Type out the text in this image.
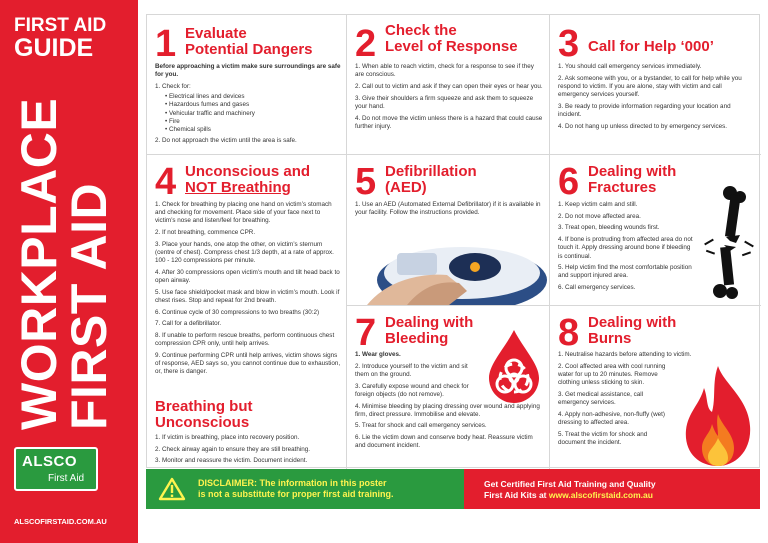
FIRST AID
GUIDE
WORKPLACE
FIRST AID
ALSCO
First Aid
ALSCOFIRSTAID.COM.AU
1 Evaluate
Potential Dangers

Before approaching a victim make sure surroundings are safe for you.

1. Check for:

• Electrical lines and devices
• Hazardous fumes and gases
• Vehicular traffic and machinery
• Fire
• Chemical spills

2. Do not approach the victim until the area is safe.

2 Check the
Level of Response

1. When able to reach victim, check for a response to see if they are conscious.

2. Call out to victim and ask if they can open their eyes or hear you.

3. Give their shoulders a firm squeeze and ask them to squeeze your hand.

4. Do not move the victim unless there is a hazard that could cause further injury.

3 Call for Help ‘000’

1. You should call emergency services immediately.

2. Ask someone with you, or a bystander, to call for help while you respond to victim. If you are alone, stay with victim and call emergency services yourself.

3. Be ready to provide information regarding your location and incident.

4. Do not hang up unless directed to by emergency services.

4 Unconscious and
NOT Breathing

1. Check for breathing by placing one hand on victim’s stomach and checking for movement. Place side of your face next to victim’s nose and listen/feel for breathing.

2. If not breathing, commence CPR.

3. Place your hands, one atop the other, on victim’s sternum (centre of chest). Compress chest 1/3 depth, at a rate of approx. 100 - 120 compressions per minute.

4. After 30 compressions open victim’s mouth and tilt head back to open airway.

5. Use face shield/pocket mask and blow in victim’s mouth. Look if chest rises. Stop and repeat for 2nd breath.

6. Continue cycle of 30 compressions to two breaths (30:2)

7. Call for a defibrillator.

8. If unable to perform rescue breaths, perform continuous chest compression CPR only, until help arrives.

9. Continue performing CPR until help arrives, victim shows signs of response, AED says so, you cannot continue due to exhaustion, or, there is danger.

Breathing but
Unconscious

1. If victim is breathing, place into recovery position.

2. Check airway again to ensure they are still breathing.

3. Monitor and reassure the victim. Document incident.

5 Defibrillation
(AED)

1. Use an AED (Automated External Defibrillator) if it is available in your facility. Follow the instructions provided.

6 Dealing with
Fractures

1. Keep victim calm and still.

2. Do not move affected area.

3. Treat open, bleeding wounds first.

4. If bone is protruding from affected area do not touch it. Apply dressing around bone if bleeding is continual.

5. Help victim find the most comfortable position and support injured area.

6. Call emergency services.

7 Dealing with
Bleeding

1. Wear gloves.

2. Introduce yourself to the victim and sit them on the ground.

3. Carefully expose wound and check for foreign objects (do not remove).

4. Minimise bleeding by placing dressing over wound and applying firm, direct pressure. Immobilise and elevate.

5. Treat for shock and call emergency services.

6. Lie the victim down and conserve body heat. Reassure victim and document incident.

8 Dealing with
Burns

1. Neutralise hazards before attending to victim.

2. Cool affected area with cool running water for up to 20 minutes. Remove clothing unless sticking to skin.

3. Get medical assistance, call emergency services.

4. Apply non-adhesive, non-fluffy (wet) dressing to affected area.

5. Treat the victim for shock and document the incident.

DISCLAIMER: The information in this poster
is not a substitute for proper first aid training.
Get Certified First Aid Training and Quality
First Aid Kits at www.alscofirstaid.com.au
